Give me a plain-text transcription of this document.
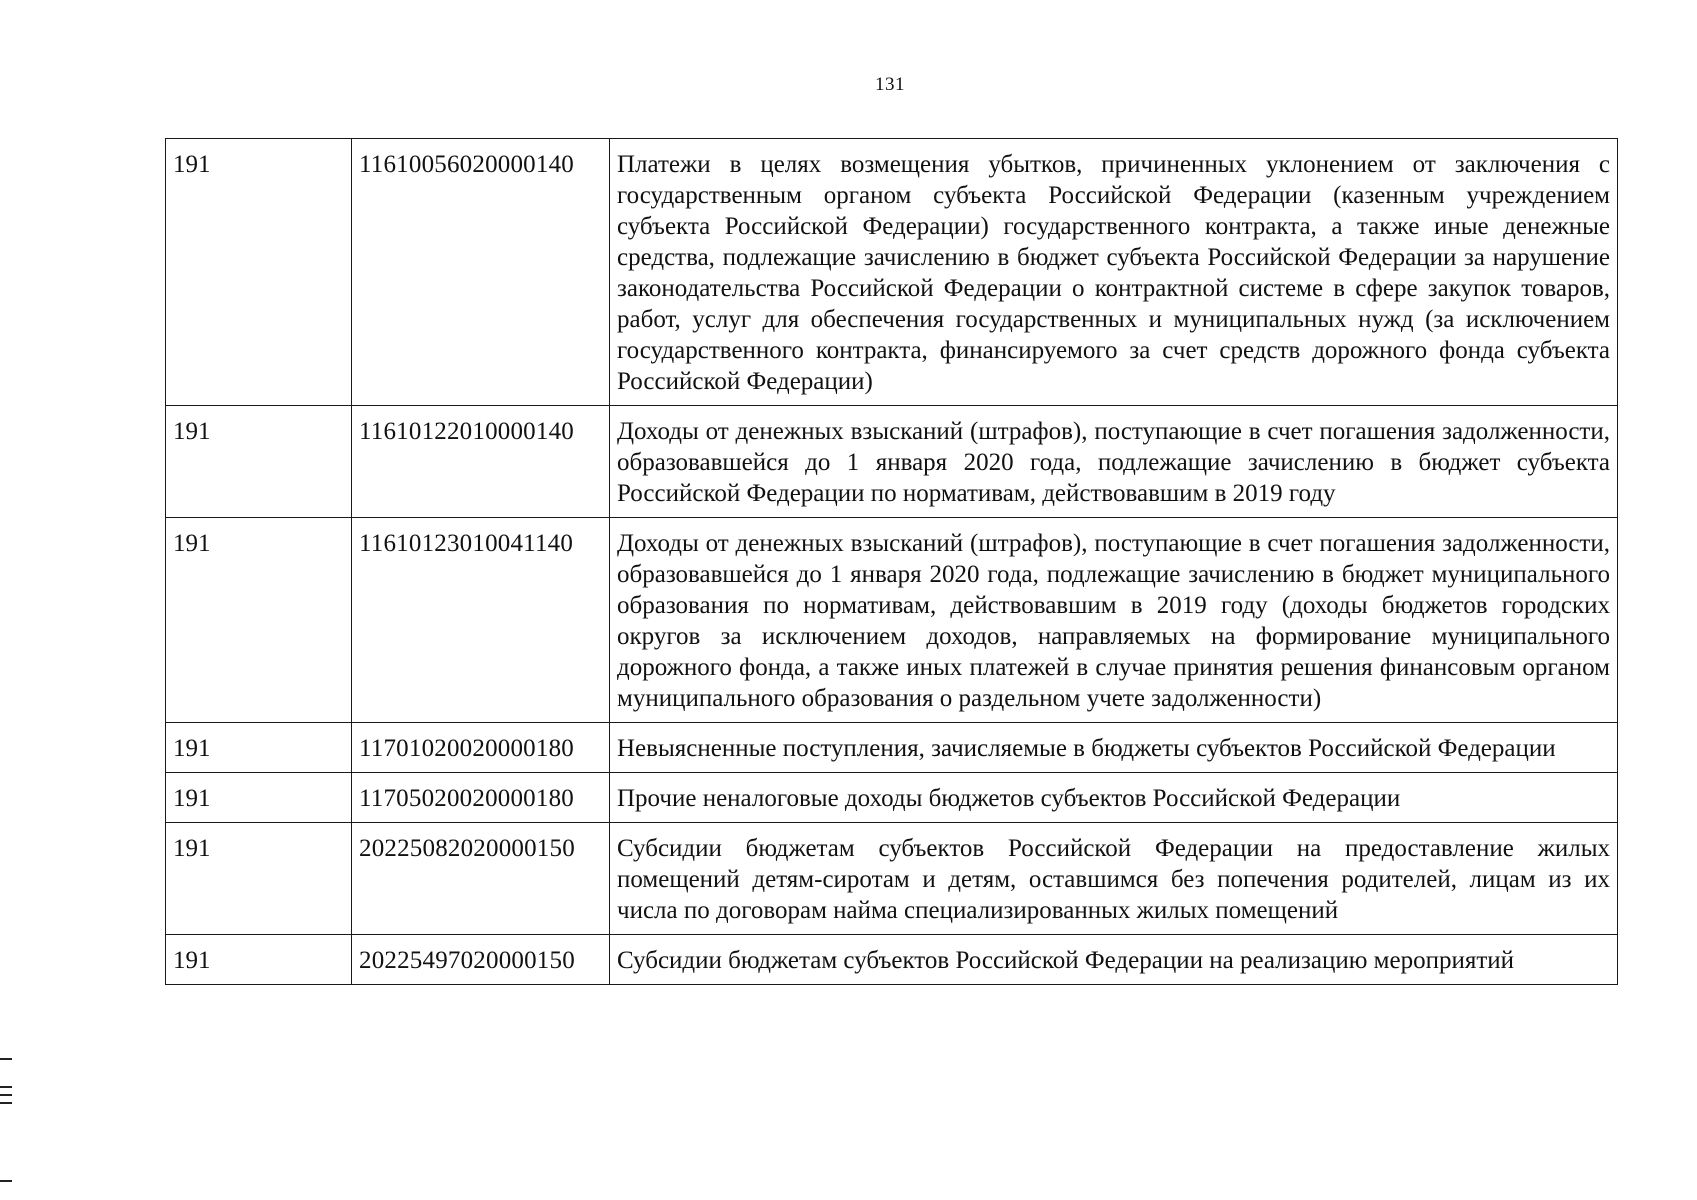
131
191	11610056020000140	Платежи в целях возмещения убытков, причиненных уклонением от заключения с государственным органом субъекта Российской Федерации (казенным учреждением субъекта Российской Федерации) государственного контракта, а также иные денежные средства, подлежащие зачислению в бюджет субъекта Российской Федерации за нарушение законодательства Российской Федерации о контрактной системе в сфере закупок товаров, работ, услуг для обеспечения государственных и муниципальных нужд (за исключением государственного контракта, финансируемого за счет средств дорожного фонда субъекта Российской Федерации)
191	11610122010000140	Доходы от денежных взысканий (штрафов), поступающие в счет погашения задолженности, образовавшейся до 1 января 2020 года, подлежащие зачислению в бюджет субъекта Российской Федерации по нормативам, действовавшим в 2019 году
191	11610123010041140	Доходы от денежных взысканий (штрафов), поступающие в счет погашения задолженности, образовавшейся до 1 января 2020 года, подлежащие зачислению в бюджет муниципального образования по нормативам, действовавшим в 2019 году (доходы бюджетов городских округов за исключением доходов, направляемых на формирование муниципального дорожного фонда, а также иных платежей в случае принятия решения финансовым органом муниципального образования о раздельном учете задолженности)
191	11701020020000180	Невыясненные поступления, зачисляемые в бюджеты субъектов Российской Федерации
191	11705020020000180	Прочие неналоговые доходы бюджетов субъектов Российской Федерации
191	20225082020000150	Субсидии бюджетам субъектов Российской Федерации на предоставление жилых помещений детям-сиротам и детям, оставшимся без попечения родителей, лицам из их числа по договорам найма специализированных жилых помещений
191	20225497020000150	Субсидии бюджетам субъектов Российской Федерации на реализацию мероприятий
